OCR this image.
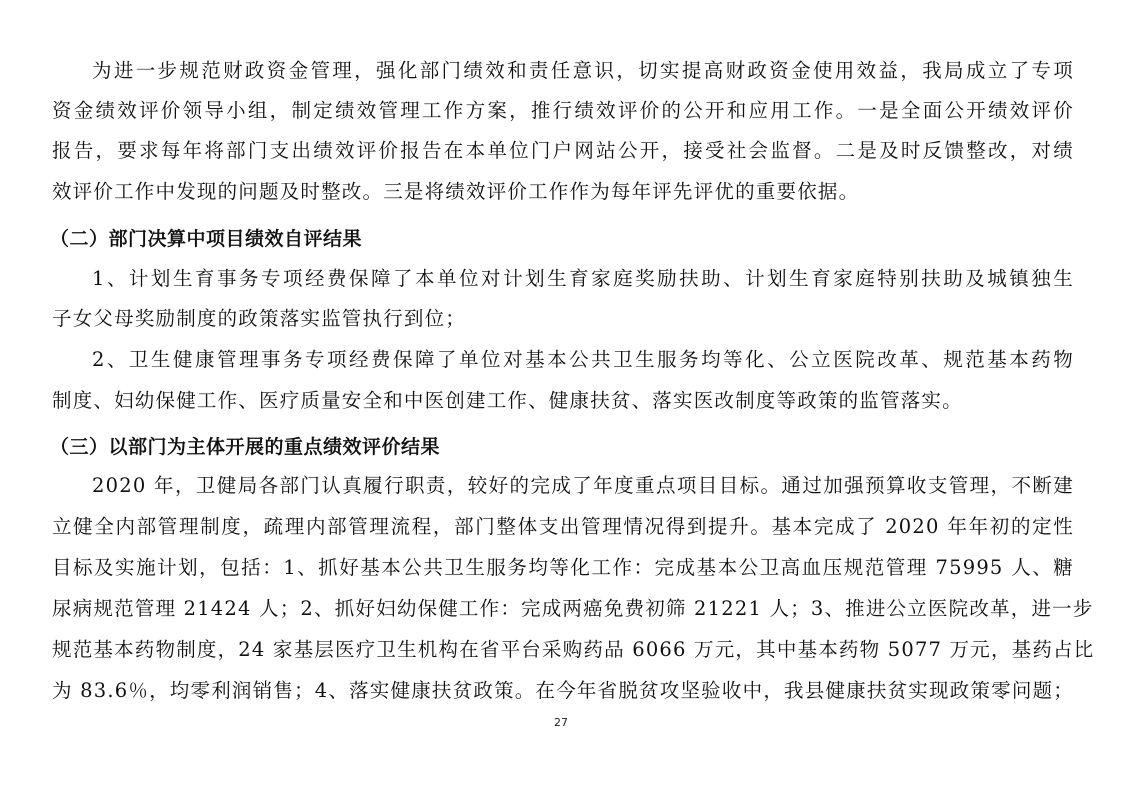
为进一步规范财政资金管理，强化部门绩效和责任意识，切实提高财政资金使用效益，我局成立了专项
资金绩效评价领导小组，制定绩效管理工作方案，推行绩效评价的公开和应用工作。一是全面公开绩效评价
报告，要求每年将部门支出绩效评价报告在本单位门户网站公开，接受社会监督。二是及时反馈整改，对绩
效评价工作中发现的问题及时整改。三是将绩效评价工作作为每年评先评优的重要依据。
（二）部门决算中项目绩效自评结果
1、计划生育事务专项经费保障了本单位对计划生育家庭奖励扶助、计划生育家庭特别扶助及城镇独生
子女父母奖励制度的政策落实监管执行到位；
2、卫生健康管理事务专项经费保障了单位对基本公共卫生服务均等化、公立医院改革、规范基本药物
制度、妇幼保健工作、医疗质量安全和中医创建工作、健康扶贫、落实医改制度等政策的监管落实。
（三）以部门为主体开展的重点绩效评价结果
2020 年，卫健局各部门认真履行职责，较好的完成了年度重点项目目标。通过加强预算收支管理，不断建
立健全内部管理制度，疏理内部管理流程，部门整体支出管理情况得到提升。基本完成了 2020 年年初的定性
目标及实施计划，包括：1、抓好基本公共卫生服务均等化工作：完成基本公卫高血压规范管理 75995 人、糖
尿病规范管理 21424 人；2、抓好妇幼保健工作：完成两癌免费初筛 21221 人；3、推进公立医院改革，进一步
规范基本药物制度，24 家基层医疗卫生机构在省平台采购药品 6066 万元，其中基本药物 5077 万元，基药占比
为 83.6％，均零利润销售；4、落实健康扶贫政策。在今年省脱贫攻坚验收中，我县健康扶贫实现政策零问题；
27
